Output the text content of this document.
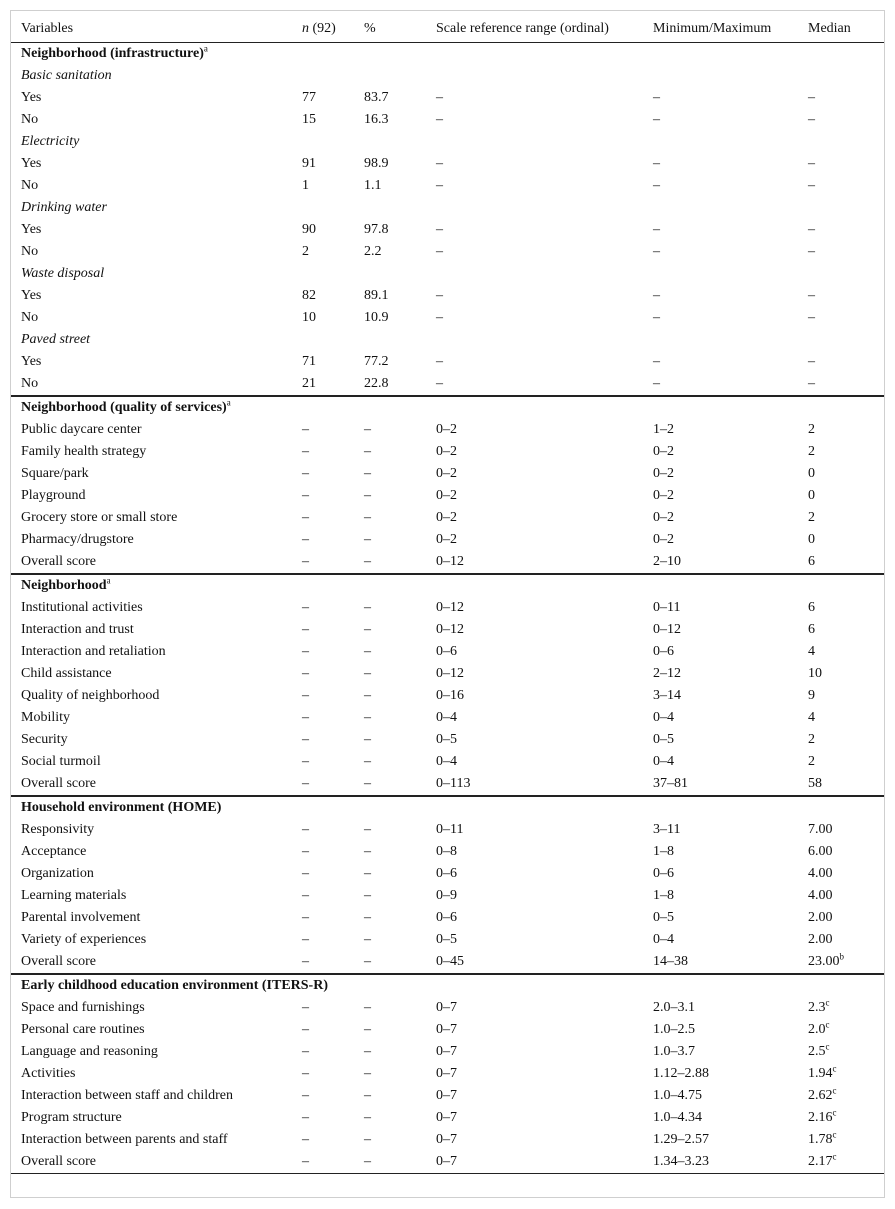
Variables	n (92)	%	Scale reference range (ordinal)	Minimum/Maximum	Median
Neighborhood (infrastructure)$^a$
Basic sanitation					
Yes	77	83.7	–	–	–
No	15	16.3	–	–	–
Electricity					
Yes	91	98.9	–	–	–
No	1	1.1	–	–	–
Drinking water					
Yes	90	97.8	–	–	–
No	2	2.2	–	–	–
Waste disposal					
Yes	82	89.1	–	–	–
No	10	10.9	–	–	–
Paved street					
Yes	71	77.2	–	–	–
No	21	22.8	–	–	–
Neighborhood (quality of services)$^a$
Public daycare center	–	–	0–2	1–2	2
Family health strategy	–	–	0–2	0–2	2
Square/park	–	–	0–2	0–2	0
Playground	–	–	0–2	0–2	0
Grocery store or small store	–	–	0–2	0–2	2
Pharmacy/drugstore	–	–	0–2	0–2	0
Overall score	–	–	0–12	2–10	6
Neighborhood$^a$
Institutional activities	–	–	0–12	0–11	6
Interaction and trust	–	–	0–12	0–12	6
Interaction and retaliation	–	–	0–6	0–6	4
Child assistance	–	–	0–12	2–12	10
Quality of neighborhood	–	–	0–16	3–14	9
Mobility	–	–	0–4	0–4	4
Security	–	–	0–5	0–5	2
Social turmoil	–	–	0–4	0–4	2
Overall score	–	–	0–113	37–81	58
Household environment (HOME)					
Responsivity	–	–	0–11	3–11	7.00
Acceptance	–	–	0–8	1–8	6.00
Organization	–	–	0–6	0–6	4.00
Learning materials	–	–	0–9	1–8	4.00
Parental involvement	–	–	0–6	0–5	2.00
Variety of experiences	–	–	0–5	0–4	2.00
Overall score	–	–	0–45	14–38	23.00$^b$
Early childhood education environment (ITERS-R)					
Space and furnishings	–	–	0–7	2.0–3.1	2.3$^c$
Personal care routines	–	–	0–7	1.0–2.5	2.0$^c$
Language and reasoning	–	–	0–7	1.0–3.7	2.5$^c$
Activities	–	–	0–7	1.12–2.88	1.94$^c$
Interaction between staff and children	–	–	0–7	1.0–4.75	2.62$^c$
Program structure	–	–	0–7	1.0–4.34	2.16$^c$
Interaction between parents and staff	–	–	0–7	1.29–2.57	1.78$^c$
Overall score	–	–	0–7	1.34–3.23	2.17$^c$
